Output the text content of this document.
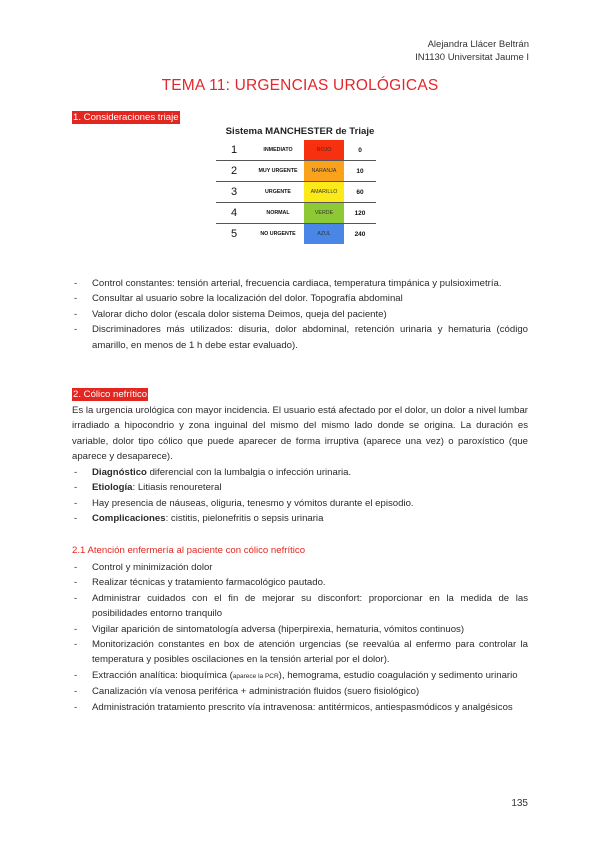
Alejandra Llácer Beltrán
IN1130 Universitat Jaume I
TEMA 11: URGENCIAS UROLÓGICAS
1. Consideraciones triaje
Sistema MANCHESTER de Triaje
1	INMEDIATO	ROJO	0
2	MUY URGENTE	NARANJA	10
3	URGENTE	AMARILLO	60
4	NORMAL	VERDE	120
5	NO URGENTE	AZUL	240
- Control constantes: tensión arterial, frecuencia cardiaca, temperatura timpánica y pulsioximetría.
- Consultar al usuario sobre la localización del dolor. Topografía abdominal
- Valorar dicho dolor (escala dolor sistema Deimos, queja del paciente)
- Discriminadores más utilizados: disuria, dolor abdominal, retención urinaria y hematuria (código amarillo, en menos de 1 h debe estar evaluado).
2. Cólico nefrítico
Es la urgencia urológica con mayor incidencia. El usuario está afectado por el dolor, un dolor a nivel lumbar irradiado a hipocondrio y zona inguinal del mismo del mismo lado donde se origina. La duración es variable, dolor tipo cólico que puede aparecer de forma irruptiva (aparece una vez) o paroxístico (que aparece y desaparece).
- Diagnóstico diferencial con la lumbalgia o infección urinaria.
- Etiología: Litiasis renoureteral
- Hay presencia de náuseas, oliguria, tenesmo y vómitos durante el episodio.
- Complicaciones: cistitis, pielonefritis o sepsis urinaria
2.1 Atención enfermería al paciente con cólico nefrítico
- Control y minimización dolor
- Realizar técnicas y tratamiento farmacológico pautado.
- Administrar cuidados con el fin de mejorar su disconfort: proporcionar en la medida de las posibilidades entorno tranquilo
- Vigilar aparición de sintomatología adversa (hiperpirexia, hematuria, vómitos continuos)
- Monitorización constantes en box de atención urgencias (se reevalúa al enfermo para controlar la temperatura y posibles oscilaciones en la tensión arterial por el dolor).
- Extracción analítica: bioquímica (aparece la PCR), hemograma, estudio coagulación y sedimento urinario
- Canalización vía venosa periférica + administración fluidos (suero fisiológico)
- Administración tratamiento prescrito vía intravenosa: antitérmicos, antiespasmódicos y analgésicos
135
